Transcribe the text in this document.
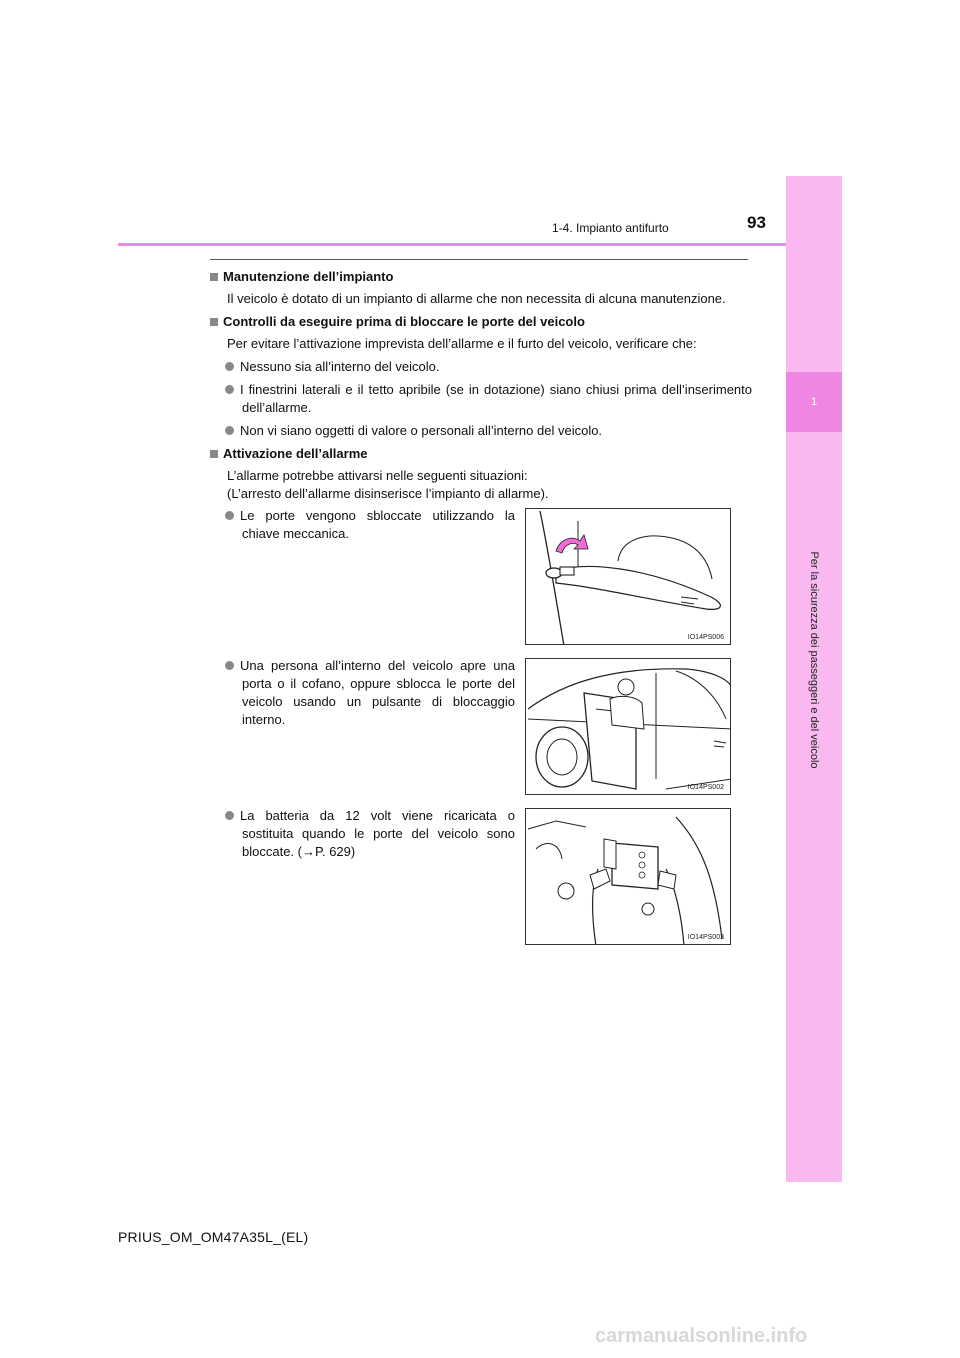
1
Per la sicurezza dei passeggeri e del veicolo
1-4. Impianto antifurto	93
Manutenzione dell’impianto
Il veicolo è dotato di un impianto di allarme che non necessita di alcuna manutenzione.
Controlli da eseguire prima di bloccare le porte del veicolo
Per evitare l’attivazione imprevista dell’allarme e il furto del veicolo, verificare che:
Nessuno sia all’interno del veicolo.
I finestrini laterali e il tetto apribile (se in dotazione) siano chiusi prima dell’inserimento dell’allarme.
Non vi siano oggetti di valore o personali all’interno del veicolo.
Attivazione dell’allarme
L’allarme potrebbe attivarsi nelle seguenti situazioni:
(L’arresto dell’allarme disinserisce l’impianto di allarme).
Le porte vengono sbloccate utilizzando la chiave meccanica.
Una persona all’interno del veicolo apre una porta o il cofano, oppure sblocca le porte del veicolo usando un pulsante di bloccaggio interno.
La batteria da 12 volt viene ricaricata o sostituita quando le porte del veicolo sono bloccate. (→P. 629)
IO14PS006
IO14PS002
IO14PS003
PRIUS_OM_OM47A35L_(EL)
carmanualsonline.info
